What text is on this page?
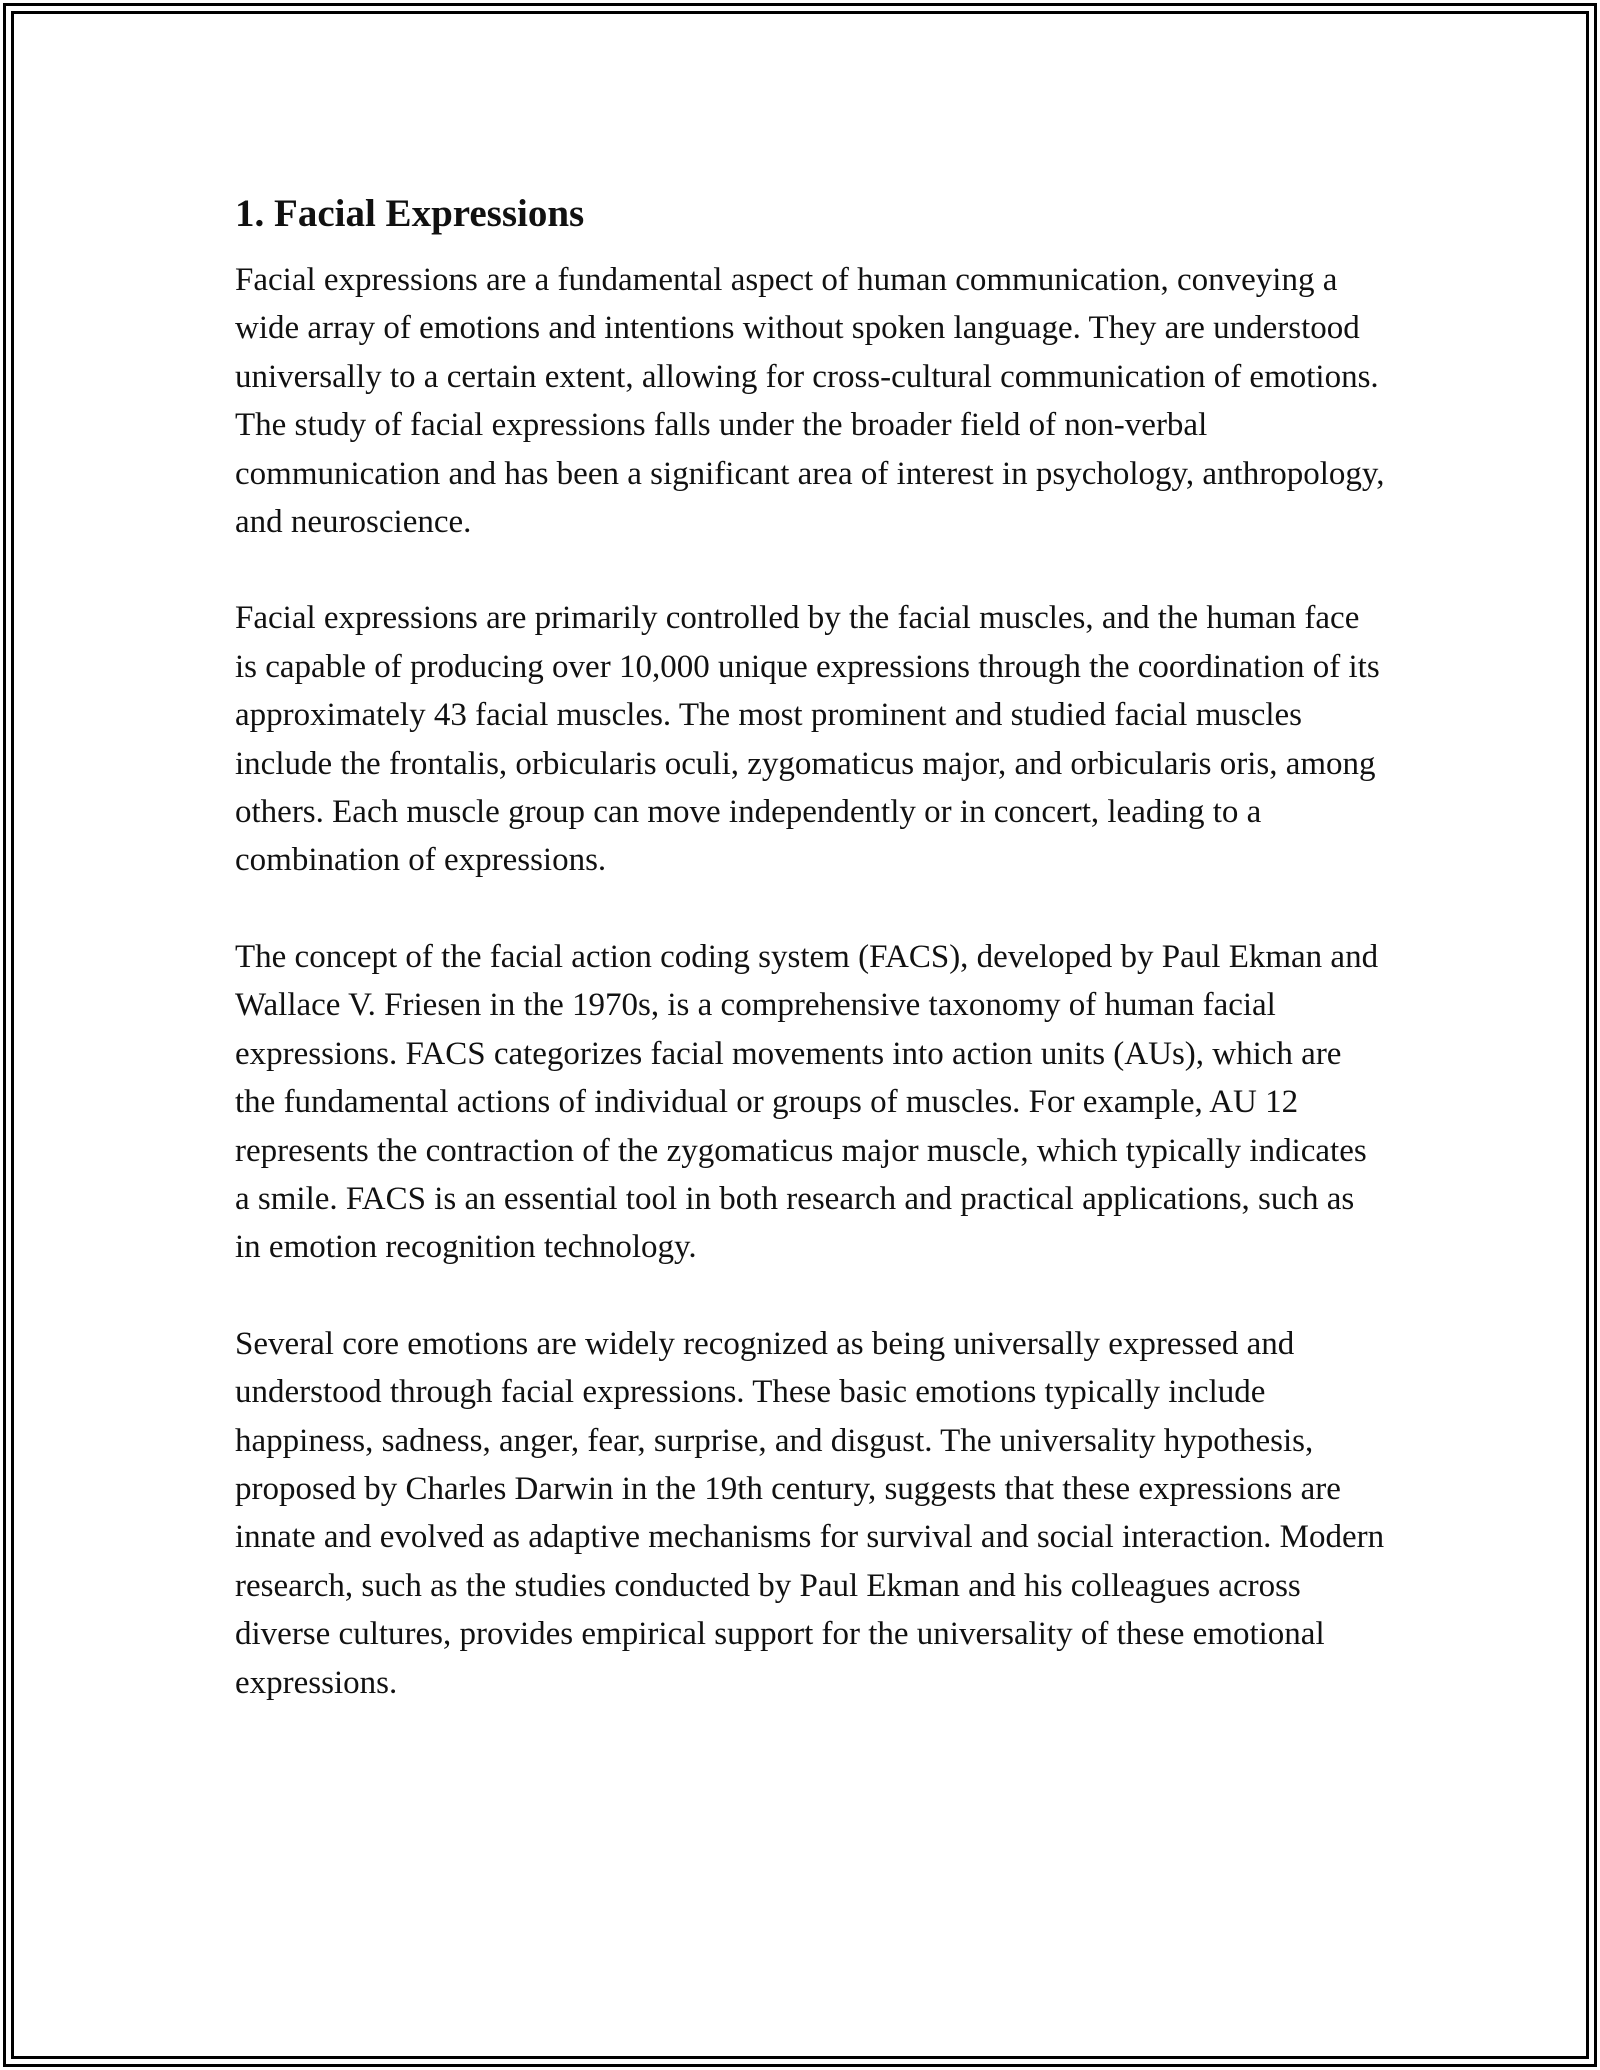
1. Facial Expressions

Facial expressions are a fundamental aspect of human communication, conveying a wide array of emotions and intentions without spoken language. They are understood universally to a certain extent, allowing for cross-cultural communication of emotions. The study of facial expressions falls under the broader field of non-verbal communication and has been a significant area of interest in psychology, anthropology, and neuroscience.

Facial expressions are primarily controlled by the facial muscles, and the human face is capable of producing over 10,000 unique expressions through the coordination of its approximately 43 facial muscles. The most prominent and studied facial muscles include the frontalis, orbicularis oculi, zygomaticus major, and orbicularis oris, among others. Each muscle group can move independently or in concert, leading to a combination of expressions.

The concept of the facial action coding system (FACS), developed by Paul Ekman and Wallace V. Friesen in the 1970s, is a comprehensive taxonomy of human facial expressions. FACS categorizes facial movements into action units (AUs), which are the fundamental actions of individual or groups of muscles. For example, AU 12 represents the contraction of the zygomaticus major muscle, which typically indicates a smile. FACS is an essential tool in both research and practical applications, such as in emotion recognition technology.

Several core emotions are widely recognized as being universally expressed and understood through facial expressions. These basic emotions typically include happiness, sadness, anger, fear, surprise, and disgust. The universality hypothesis, proposed by Charles Darwin in the 19th century, suggests that these expressions are innate and evolved as adaptive mechanisms for survival and social interaction. Modern research, such as the studies conducted by Paul Ekman and his colleagues across diverse cultures, provides empirical support for the universality of these emotional expressions.
